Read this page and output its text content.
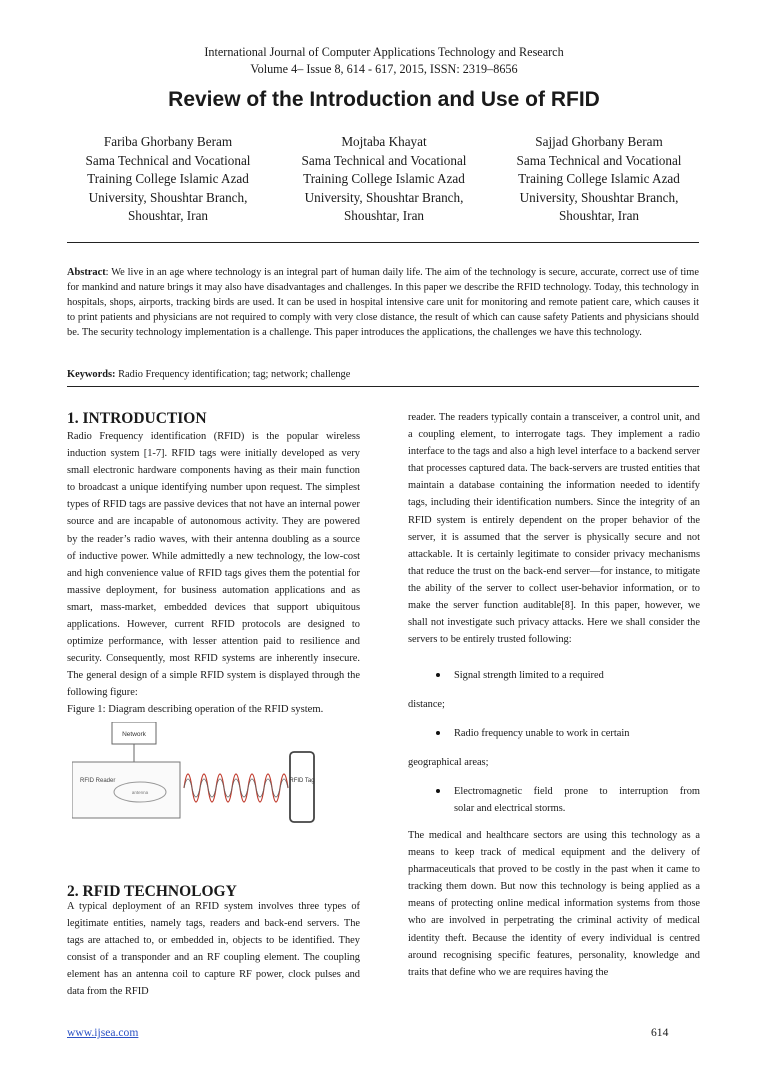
International Journal of Computer Applications Technology and Research
Volume 4– Issue 8, 614 - 617, 2015, ISSN: 2319–8656
Review of the Introduction and Use of RFID
Fariba Ghorbany Beram
Sama Technical and Vocational
Training College Islamic Azad
University, Shoushtar Branch,
Shoushtar, Iran
Mojtaba Khayat
Sama Technical and Vocational
Training College Islamic Azad
University, Shoushtar Branch,
Shoushtar, Iran
Sajjad Ghorbany Beram
Sama Technical and Vocational
Training College Islamic Azad
University, Shoushtar Branch,
Shoushtar, Iran
Abstract: We live in an age where technology is an integral part of human daily life. The aim of the technology is secure, accurate, correct use of time for mankind and nature brings it may also have disadvantages and challenges. In this paper we describe the RFID technology. Today, this technology in hospitals, shops, airports, tracking birds are used. It can be used in hospital intensive care unit for monitoring and remote patient care, which causes it to print patients and physicians are not required to comply with very close distance, the result of which can cause safety Patients and physicians should be. The security technology implementation is a challenge. This paper introduces the applications, the challenges we have this technology.
Keywords: Radio Frequency identification; tag; network; challenge
1. INTRODUCTION

Radio Frequency identification (RFID) is the popular wireless induction system [1-7]. RFID tags were initially developed as very small electronic hardware components having as their main function to broadcast a unique identifying number upon request. The simplest types of RFID tags are passive devices that not have an internal power source and are incapable of autonomous activity. They are powered by the reader’s radio waves, with their antenna doubling as a source of inductive power. While admittedly a new technology, the low-cost and high convenience value of RFID tags gives them the potential for massive deployment, for business automation applications and as smart, mass-market, embedded devices that support ubiquitous applications. However, current RFID protocols are designed to optimize performance, with lesser attention paid to resilience and security. Consequently, most RFID systems are inherently insecure. The general design of a simple RFID system is displayed through the following figure:

Figure 1: Diagram describing operation of the RFID system.
Network
RFID Reader
antenna
RFID Tag
2. RFID TECHNOLOGY

A typical deployment of an RFID system involves three types of legitimate entities, namely tags, readers and back-end servers. The tags are attached to, or embedded in, objects to be identified. They consist of a transponder and an RF coupling element. The coupling element has an antenna coil to capture RF power, clock pulses and data from the RFID

reader. The readers typically contain a transceiver, a control unit, and a coupling element, to interrogate tags. They implement a radio interface to the tags and also a high level interface to a backend server that processes captured data. The back-servers are trusted entities that maintain a database containing the information needed to identify tags, including their identification numbers. Since the integrity of an RFID system is entirely dependent on the proper behavior of the server, it is assumed that the server is physically secure and not attackable. It is certainly legitimate to consider privacy mechanisms that reduce the trust on the back-end server—for instance, to mitigate the ability of the server to collect user-behavior information, or to make the server function auditable[8]. In this paper, however, we shall not investigate such privacy attacks. Here we shall consider the servers to be entirely trusted following:

Signal strength limited to a required
distance;
Radio frequency unable to work in certain
geographical areas;
Electromagnetic field prone to interruption from
solar and electrical storms.

The medical and healthcare sectors are using this technology as a means to keep track of medical equipment and the delivery of pharmaceuticals that proved to be costly in the past when it came to tracking them down. But now this technology is being applied as a means of protecting online medical information systems from those who are involved in perpetrating the criminal activity of medical identity theft. Because the identity of every individual is centred around recognising specific features, personality, knowledge and traits that define who we are requires having the

www.ijsea.com	614
